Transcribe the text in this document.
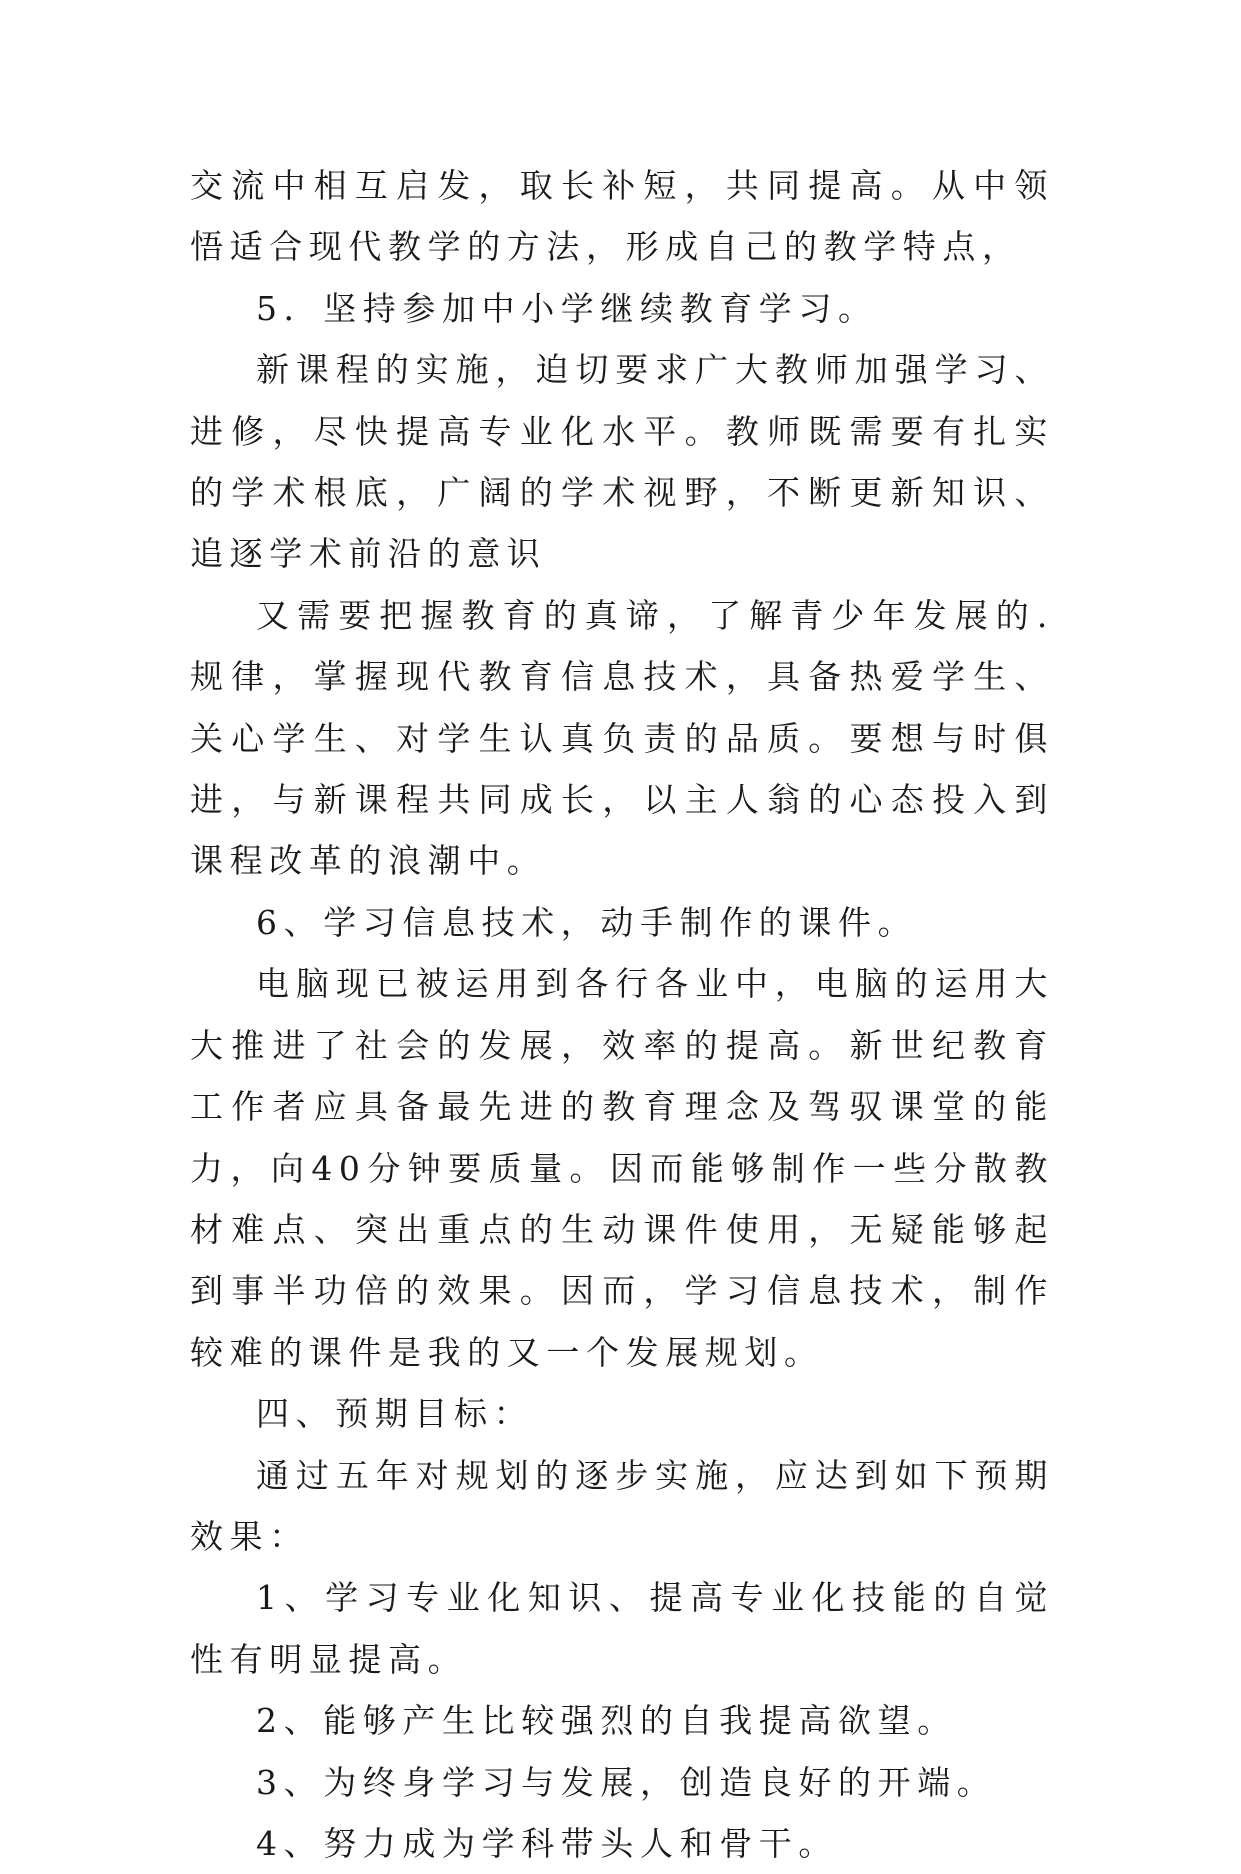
交流中相互启发，取长补短，共同提高。从中领悟适合现代教学的方法，形成自己的教学特点，

5．坚持参加中小学继续教育学习。

新课程的实施，迫切要求广大教师加强学习、进修，尽快提高专业化水平。教师既需要有扎实的学术根底，广阔的学术视野，不断更新知识、追逐学术前沿的意识

又需要把握教育的真谛，了解青少年发展的.规律，掌握现代教育信息技术，具备热爱学生、关心学生、对学生认真负责的品质。要想与时俱进，与新课程共同成长，以主人翁的心态投入到课程改革的浪潮中。

6、学习信息技术，动手制作的课件。

电脑现已被运用到各行各业中，电脑的运用大大推进了社会的发展，效率的提高。新世纪教育工作者应具备最先进的教育理念及驾驭课堂的能力，向40分钟要质量。因而能够制作一些分散教材难点、突出重点的生动课件使用，无疑能够起到事半功倍的效果。因而，学习信息技术，制作较难的课件是我的又一个发展规划。

四、预期目标：

通过五年对规划的逐步实施，应达到如下预期效果：

1、学习专业化知识、提高专业化技能的自觉性有明显提高。

2、能够产生比较强烈的自我提高欲望。

3、为终身学习与发展，创造良好的开端。

4、努力成为学科带头人和骨干。
